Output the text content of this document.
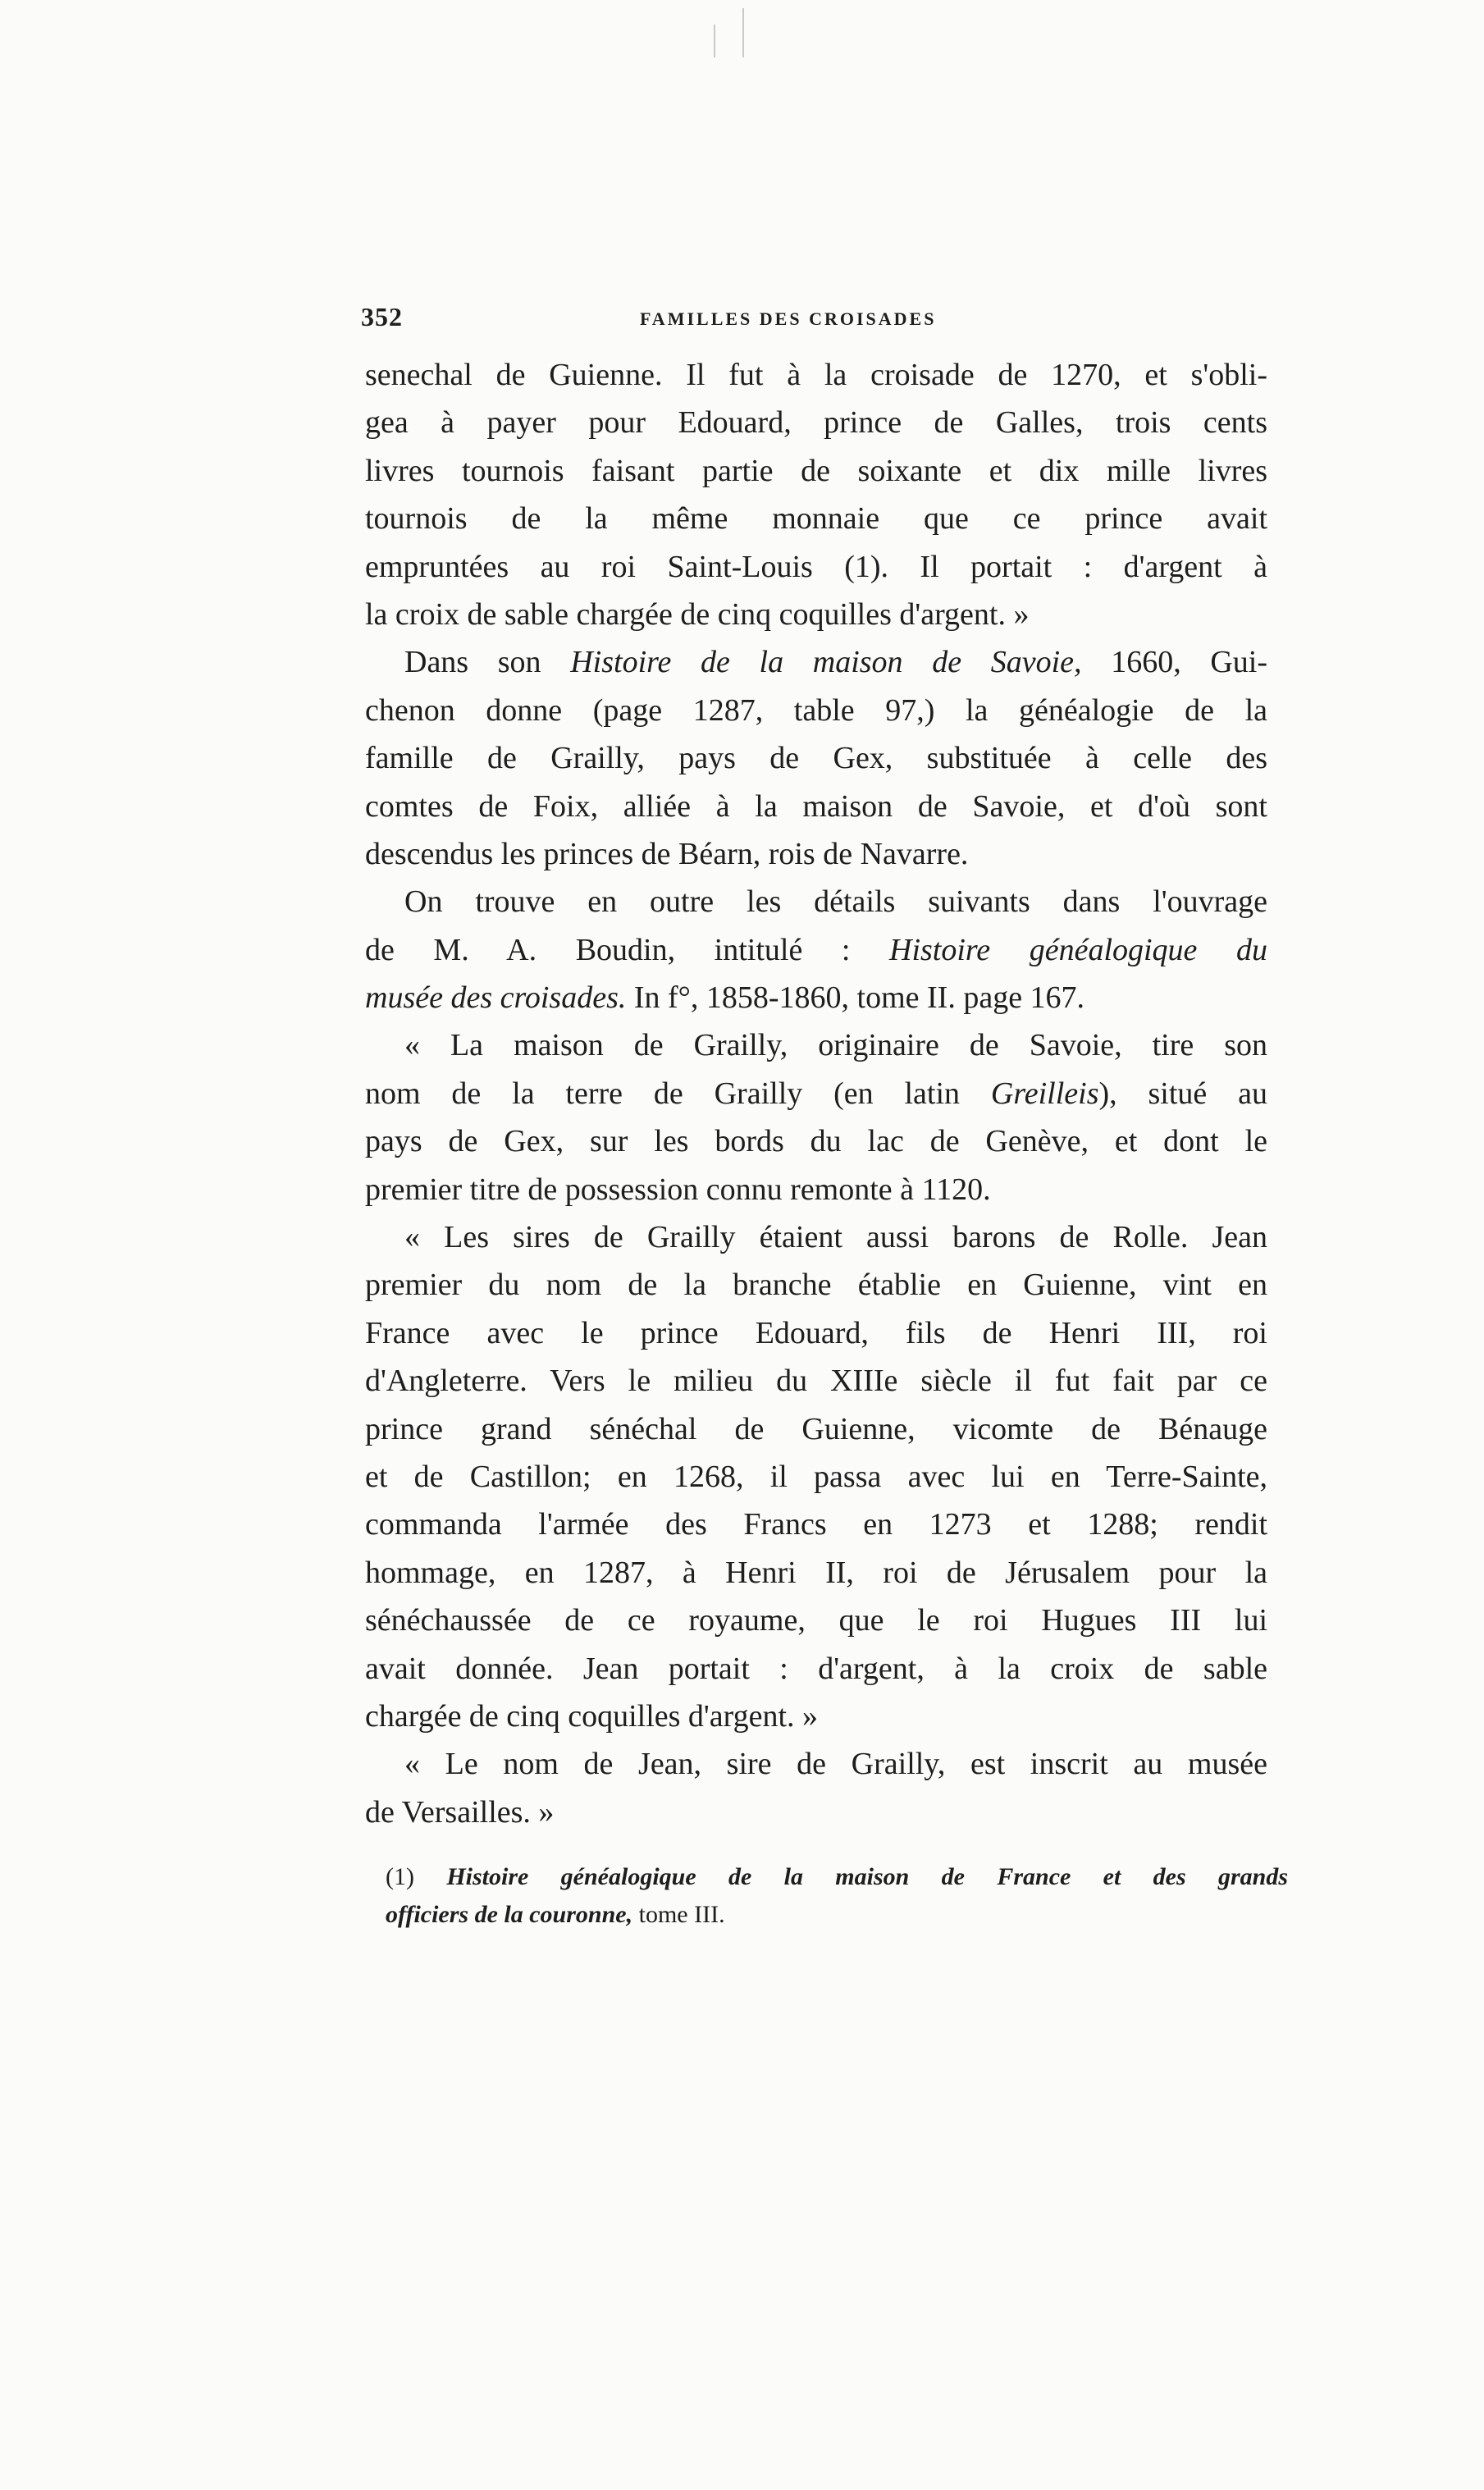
352	FAMILLES DES CROISADES
senechal de Guienne. Il fut à la croisade de 1270, et s'obli-
gea à payer pour Edouard, prince de Galles, trois cents
livres tournois faisant partie de soixante et dix mille livres
tournois de la même monnaie que ce prince avait
empruntées au roi Saint-Louis (1). Il portait : d'argent à
la croix de sable chargée de cinq coquilles d'argent. »
Dans son Histoire de la maison de Savoie, 1660, Gui-
chenon donne (page 1287, table 97,) la généalogie de la
famille de Grailly, pays de Gex, substituée à celle des
comtes de Foix, alliée à la maison de Savoie, et d'où sont
descendus les princes de Béarn, rois de Navarre.
On trouve en outre les détails suivants dans l'ouvrage
de M. A. Boudin, intitulé : Histoire généalogique du
musée des croisades. In f°, 1858-1860, tome II. page 167.
« La maison de Grailly, originaire de Savoie, tire son
nom de la terre de Grailly (en latin Greilleis), situé au
pays de Gex, sur les bords du lac de Genève, et dont le
premier titre de possession connu remonte à 1120.
« Les sires de Grailly étaient aussi barons de Rolle. Jean
premier du nom de la branche établie en Guienne, vint en
France avec le prince Edouard, fils de Henri III, roi
d'Angleterre. Vers le milieu du XIIIe siècle il fut fait par ce
prince grand sénéchal de Guienne, vicomte de Bénauge
et de Castillon; en 1268, il passa avec lui en Terre-Sainte,
commanda l'armée des Francs en 1273 et 1288; rendit
hommage, en 1287, à Henri II, roi de Jérusalem pour la
sénéchaussée de ce royaume, que le roi Hugues III lui
avait donnée. Jean portait : d'argent, à la croix de sable
chargée de cinq coquilles d'argent. »
« Le nom de Jean, sire de Grailly, est inscrit au musée
de Versailles. »
(1) Histoire généalogique de la maison de France et des grands
officiers de la couronne, tome III.
